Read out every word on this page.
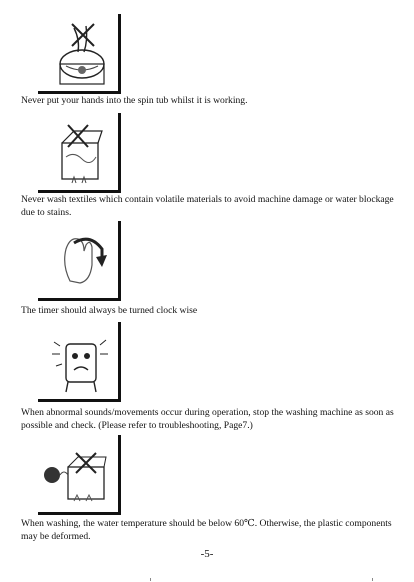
Never put your hands into the spin tub whilst it is working.

Never wash textiles which contain volatile materials to avoid machine damage or water blockage due to stains.

The timer should always be turned clock wise

When abnormal sounds/movements occur during operation, stop the washing machine as soon as possible and check. (Please refer to troubleshooting, Page7.)

When washing, the water temperature should be below 60℃. Otherwise, the plastic components may be deformed.

-5-
